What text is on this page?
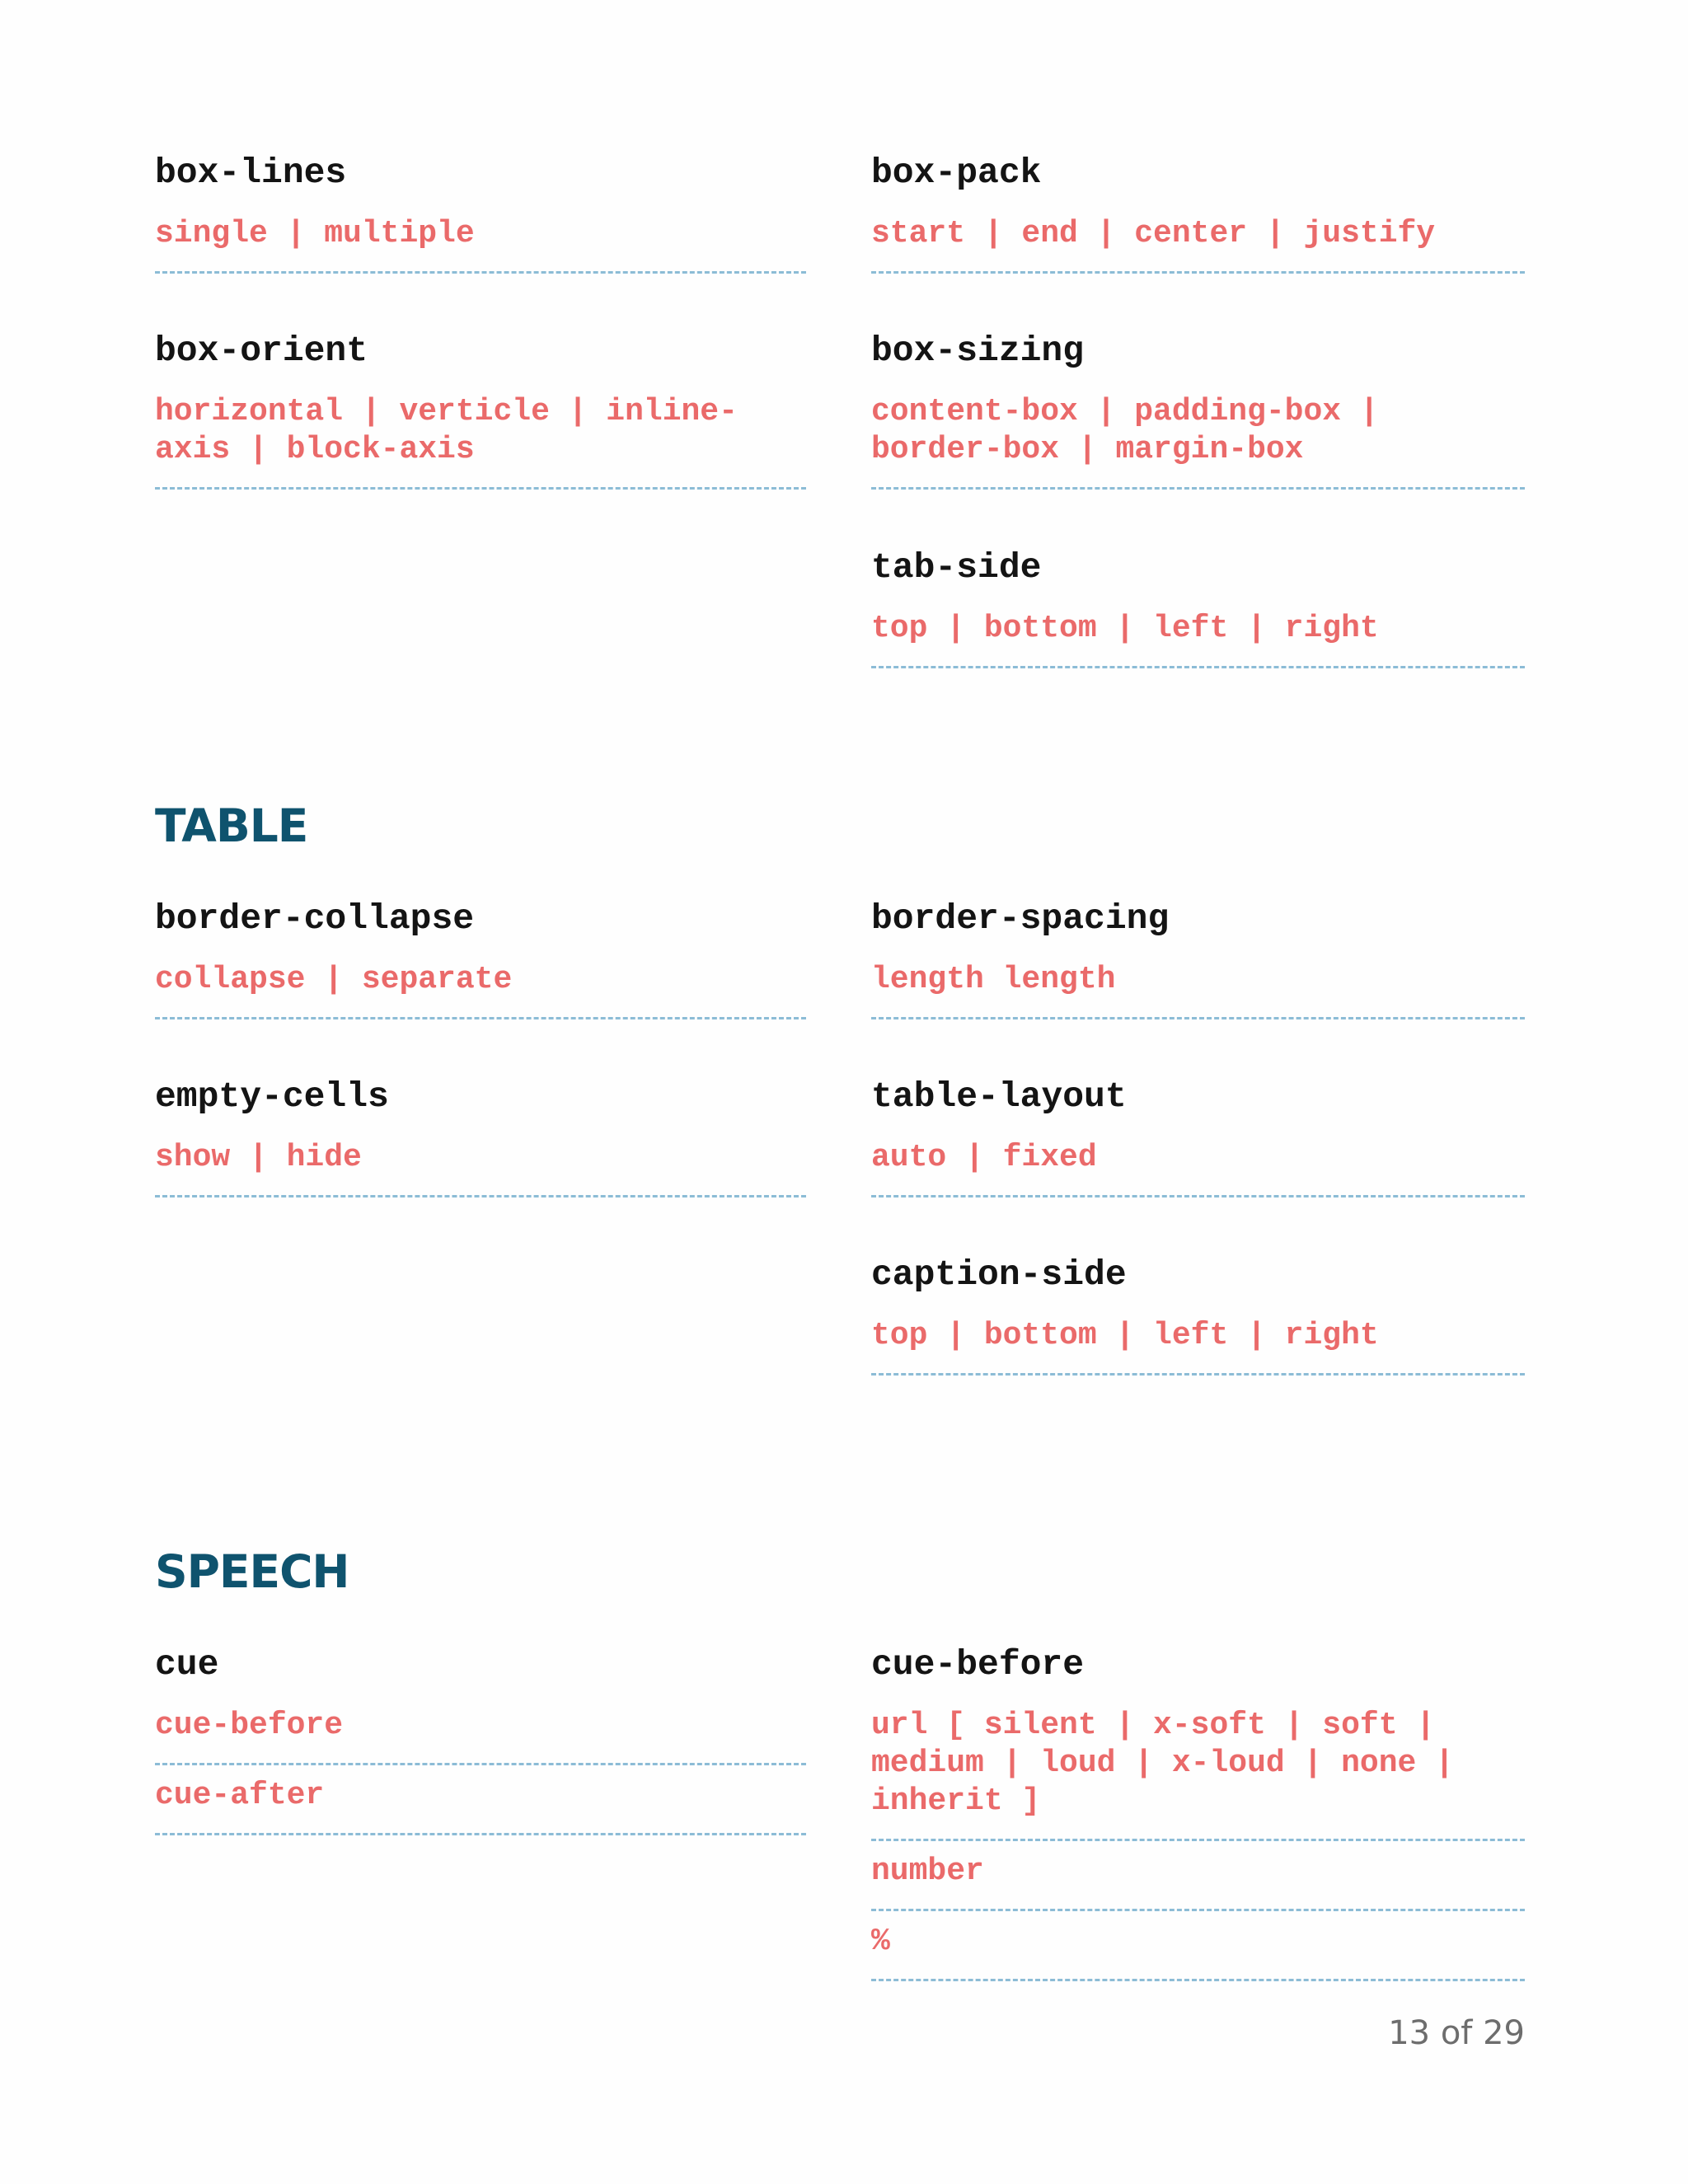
box-lines
single | multiple
box-pack
start | end | center | justify
box-orient
horizontal | verticle | inline-
axis | block-axis
box-sizing
content-box | padding-box |
border-box | margin-box
tab-side
top | bottom | left | right
TABLE
border-collapse
collapse | separate
border-spacing
length length
empty-cells
show | hide
table-layout
auto | fixed
caption-side
top | bottom | left | right
SPEECH
cue
cue-before
cue-after
cue-before
url [ silent | x-soft | soft |
medium | loud | x-loud | none |
inherit ]
number
%
13 of 29
